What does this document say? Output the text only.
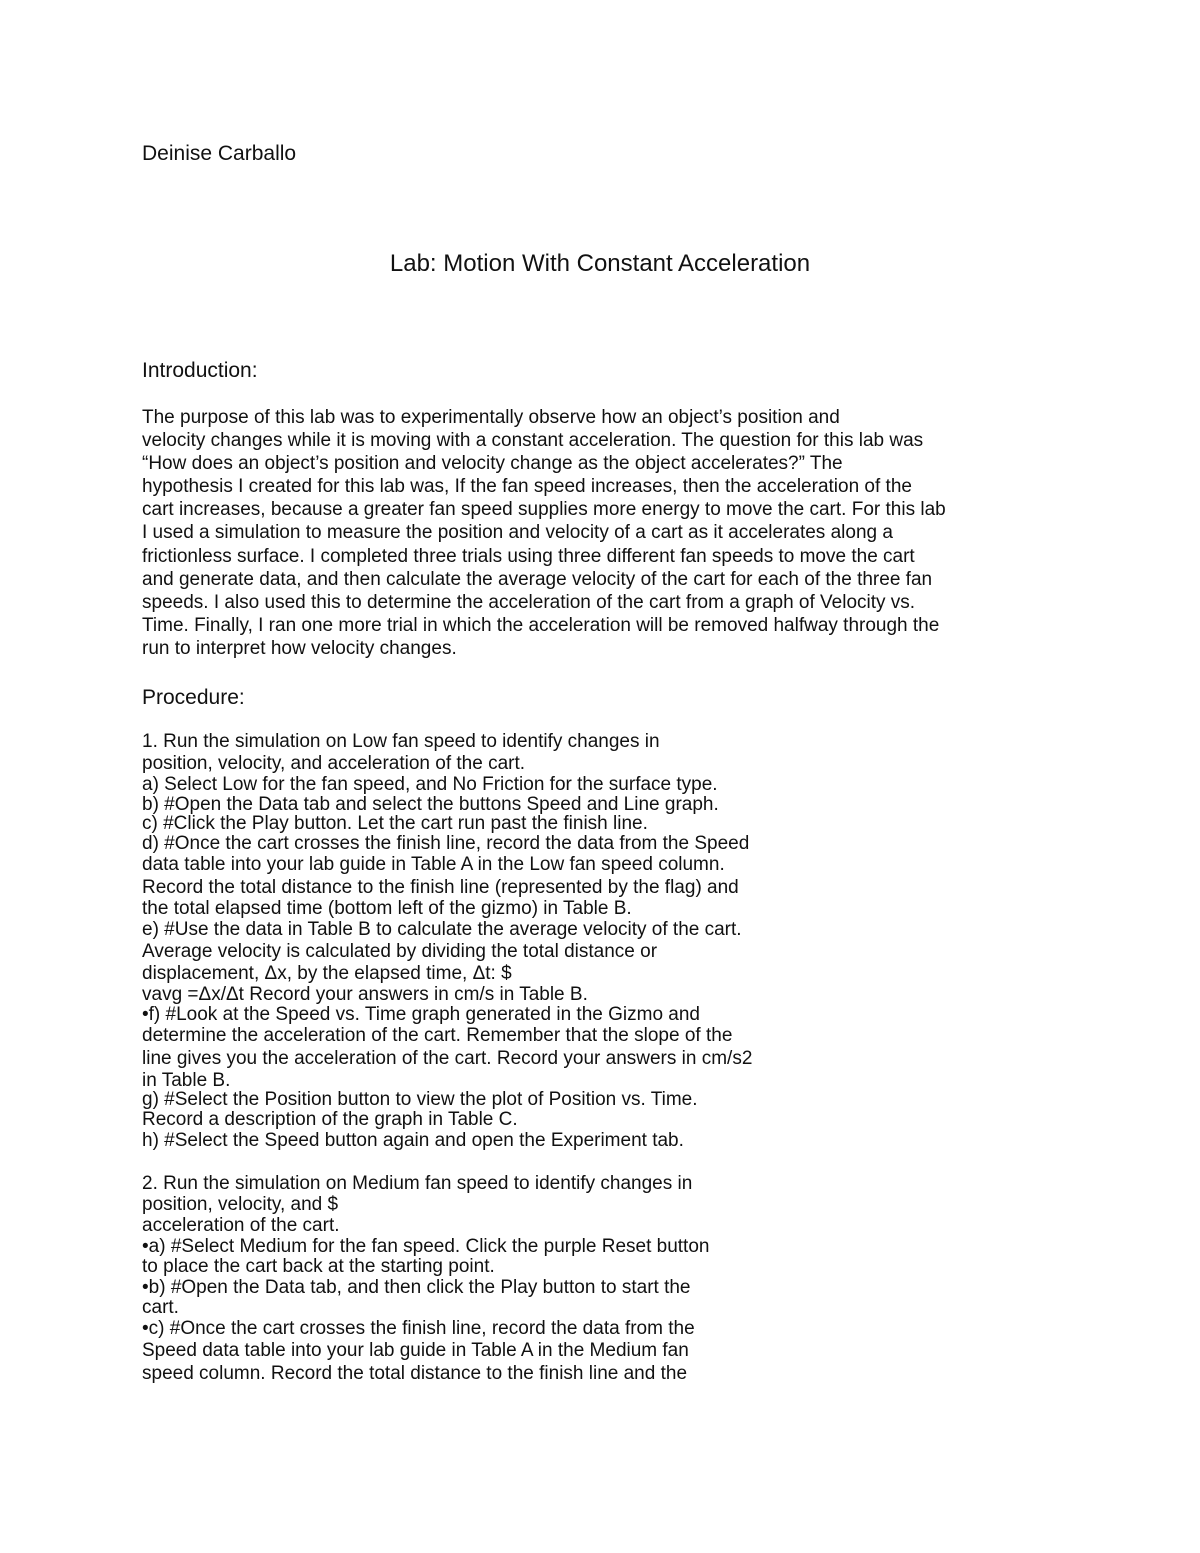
Deinise Carballo
Lab: Motion With Constant Acceleration
Introduction:
The purpose of this lab was to experimentally observe how an object’s position and
velocity changes while it is moving with a constant acceleration. The question for this lab was
“How does an object’s position and velocity change as the object accelerates?” The
hypothesis I created for this lab was, If the fan speed increases, then the acceleration of the
cart increases, because a greater fan speed supplies more energy to move the cart. For this lab
I used a simulation to measure the position and velocity of a cart as it accelerates along a
frictionless surface. I completed three trials using three different fan speeds to move the cart
and generate data, and then calculate the average velocity of the cart for each of the three fan
speeds. I also used this to determine the acceleration of the cart from a graph of Velocity vs.
Time. Finally, I ran one more trial in which the acceleration will be removed halfway through the
run to interpret how velocity changes.
Procedure:
1. Run the simulation on Low fan speed to identify changes in
position, velocity, and acceleration of the cart.
a) Select Low for the fan speed, and No Friction for the surface type.
b) #Open the Data tab and select the buttons Speed and Line graph.
c) #Click the Play button. Let the cart run past the finish line.
d) #Once the cart crosses the finish line, record the data from the Speed
data table into your lab guide in Table A in the Low fan speed column.
Record the total distance to the finish line (represented by the flag) and
the total elapsed time (bottom left of the gizmo) in Table B.
e) #Use the data in Table B to calculate the average velocity of the cart.
Average velocity is calculated by dividing the total distance or
displacement, Δx, by the elapsed time, Δt: $
vavg =Δx/Δt Record your answers in cm/s in Table B.
•f) #Look at the Speed vs. Time graph generated in the Gizmo and
determine the acceleration of the cart. Remember that the slope of the
line gives you the acceleration of the cart. Record your answers in cm/s2
in Table B.
g) #Select the Position button to view the plot of Position vs. Time.
Record a description of the graph in Table C.
h) #Select the Speed button again and open the Experiment tab.
2. Run the simulation on Medium fan speed to identify changes in
position, velocity, and $
acceleration of the cart.
•a) #Select Medium for the fan speed. Click the purple Reset button
to place the cart back at the starting point.
•b) #Open the Data tab, and then click the Play button to start the
cart.
•c) #Once the cart crosses the finish line, record the data from the
Speed data table into your lab guide in Table A in the Medium fan
speed column. Record the total distance to the finish line and the
